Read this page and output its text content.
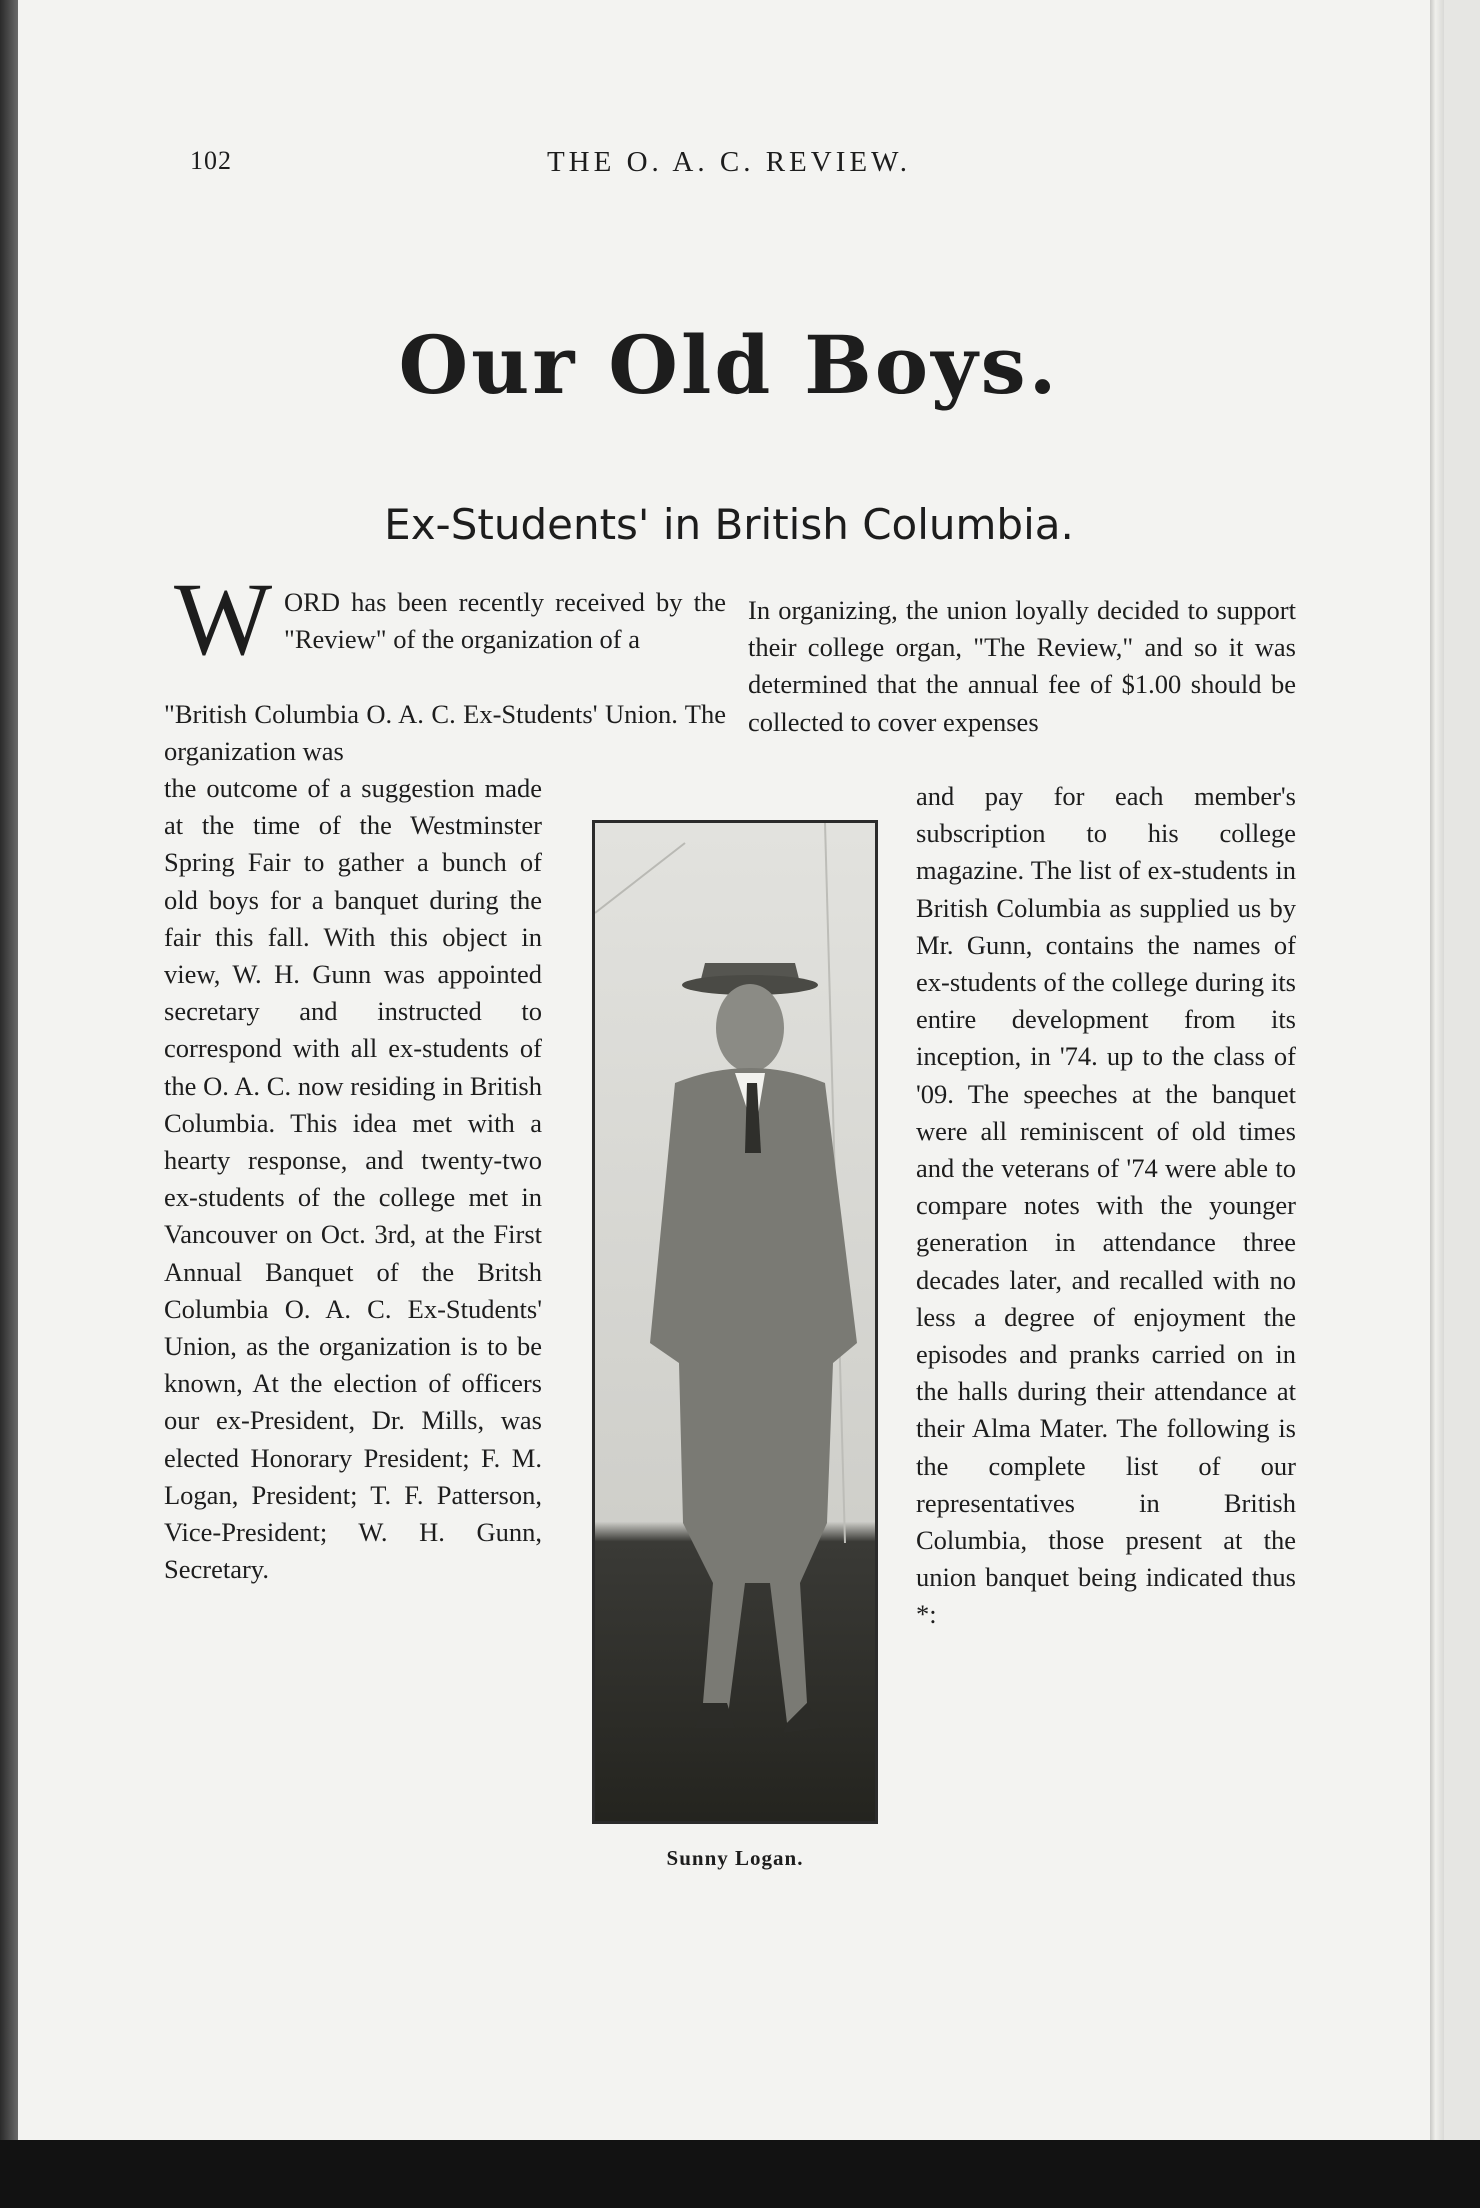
102	THE O. A. C. REVIEW.
Our Old Boys.
Ex-Students' in British Columbia.
W ORD has been recently received by the "Review" of the organization of a

"British Columbia O. A. C. Ex-Students' Union. The organization was

the outcome of a suggestion made at the time of the Westminster Spring Fair to gather a bunch of old boys for a banquet during the fair this fall. With this object in view, W. H. Gunn was appointed secretary and instructed to correspond with all ex-students of the O. A. C. now residing in British Columbia. This idea met with a hearty response, and twenty-two ex-students of the college met in Vancouver on Oct. 3rd, at the First Annual Banquet of the Britsh Columbia O. A. C. Ex-Students' Union, as the organization is to be known, At the election of officers our ex-President, Dr. Mills, was elected Honorary President; F. M. Logan, President; T. F. Patterson, Vice-President; W. H. Gunn, Secretary.

In organizing, the union loyally decided to support their college organ, "The Review," and so it was determined that the annual fee of $1.00 should be collected to cover expenses

and pay for each member's subscription to his college magazine. The list of ex-students in British Columbia as supplied us by Mr. Gunn, contains the names of ex-students of the college during its entire development from its inception, in '74. up to the class of '09. The speeches at the banquet were all reminiscent of old times and the veterans of '74 were able to compare notes with the younger generation in attendance three decades later, and recalled with no less a degree of enjoyment the episodes and pranks carried on in the halls during their attendance at their Alma Mater. The following is the complete list of our representatives in British Columbia, those present at the union banquet being indicated thus *:

Sunny Logan.
